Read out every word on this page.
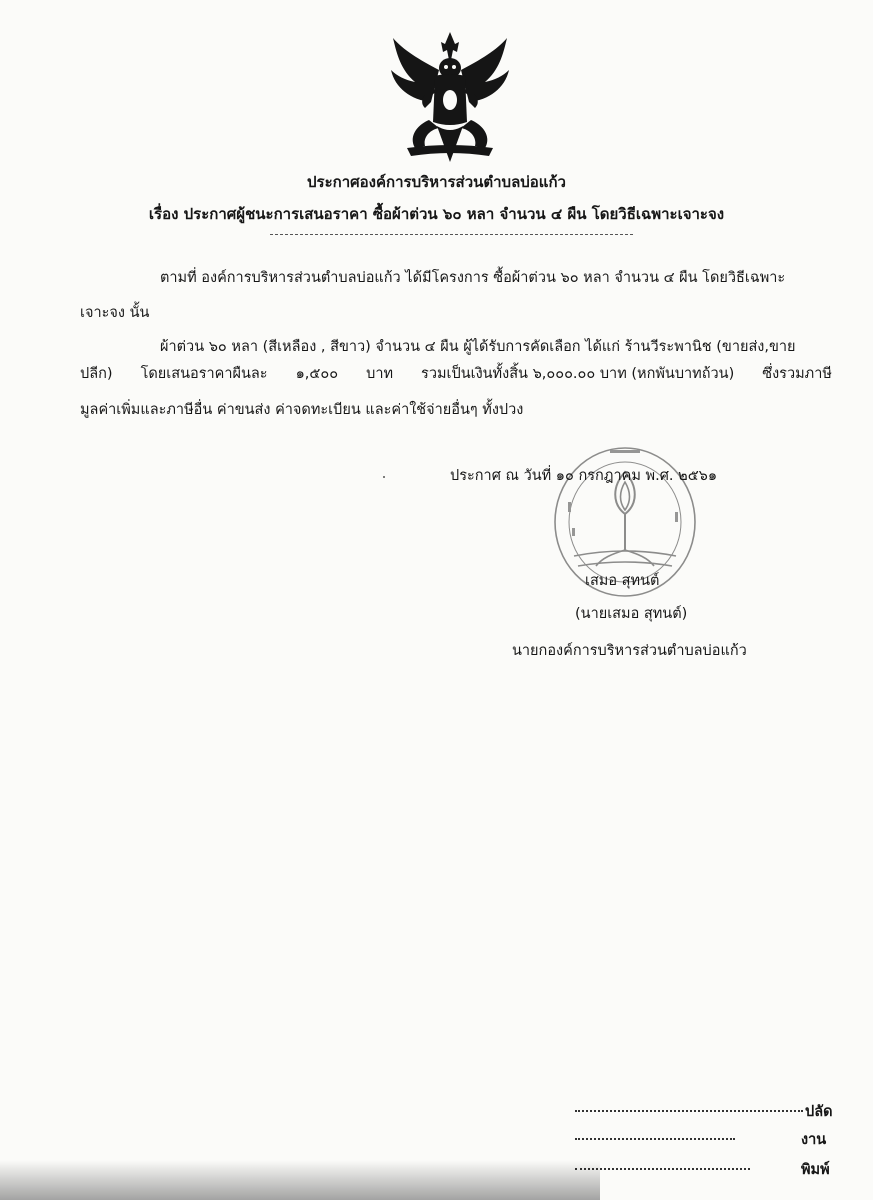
ประกาศองค์การบริหารส่วนตำบลบ่อแก้ว
เรื่อง ประกาศผู้ชนะการเสนอราคา ซื้อผ้าต่วน ๖๐ หลา จำนวน ๔ ผืน โดยวิธีเฉพาะเจาะจง
ตามที่ องค์การบริหารส่วนตำบลบ่อแก้ว ได้มีโครงการ ซื้อผ้าต่วน ๖๐ หลา จำนวน ๔ ผืน โดยวิธีเฉพาะ
เจาะจง นั้น
ผ้าต่วน ๖๐ หลา (สีเหลือง , สีขาว) จำนวน ๔ ผืน ผู้ได้รับการคัดเลือก ได้แก่ ร้านวีระพานิช (ขายส่ง,ขาย
ปลีก) โดยเสนอราคาผืนละ ๑,๕๐๐ บาท รวมเป็นเงินทั้งสิ้น ๖,๐๐๐.๐๐ บาท (หกพันบาทถ้วน) ซึ่งรวมภาษี
มูลค่าเพิ่มและภาษีอื่น ค่าขนส่ง ค่าจดทะเบียน และค่าใช้จ่ายอื่นๆ ทั้งปวง
ประกาศ ณ วันที่ ๑๐ กรกฎาคม พ.ศ. ๒๕๖๑
เสมอ สุทนต์
(นายเสมอ สุทนต์)
นายกองค์การบริหารส่วนตำบลบ่อแก้ว
ปลัด
งาน
พิมพ์
